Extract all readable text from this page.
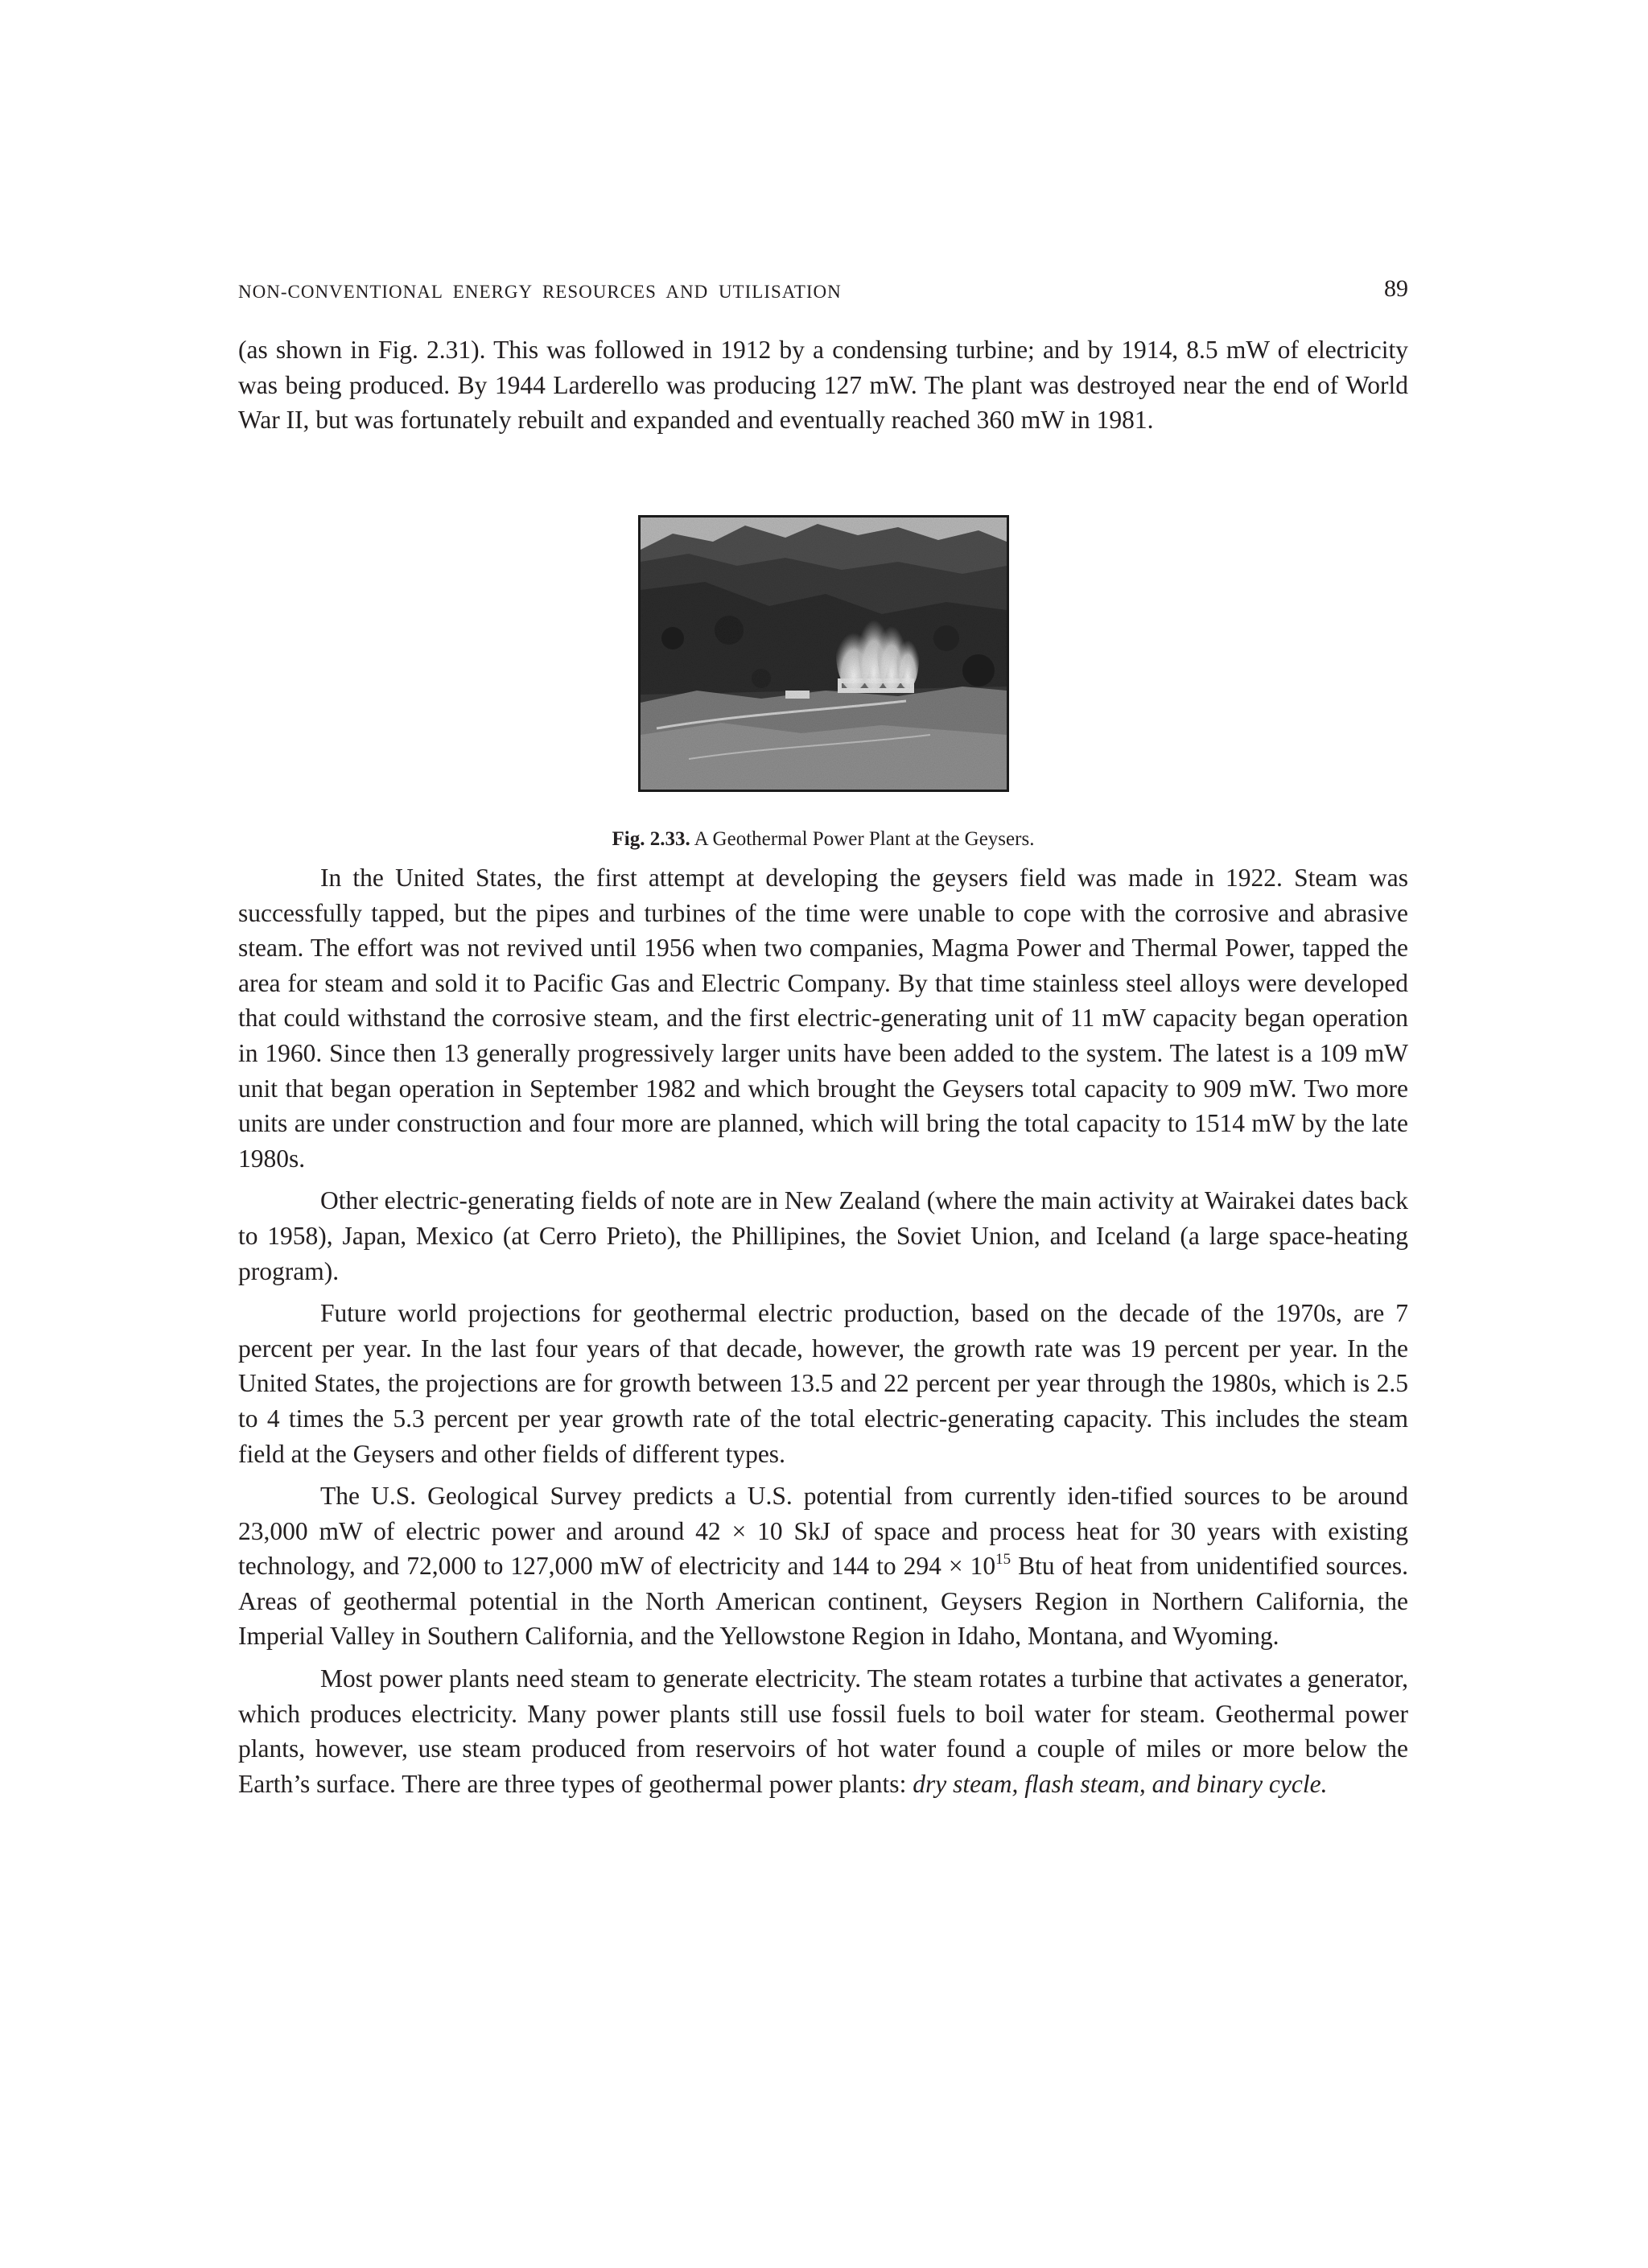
NON-CONVENTIONAL ENERGY RESOURCES AND UTILISATION	89

(as shown in Fig. 2.31). This was followed in 1912 by a condensing turbine; and by 1914, 8.5 mW of electricity was being produced. By 1944 Larderello was producing 127 mW. The plant was destroyed near the end of World War II, but was fortunately rebuilt and expanded and eventually reached 360 mW in 1981.

Fig. 2.33. A Geothermal Power Plant at the Geysers.

In the United States, the first attempt at developing the geysers field was made in 1922. Steam was successfully tapped, but the pipes and turbines of the time were unable to cope with the corrosive and abrasive steam. The effort was not revived until 1956 when two companies, Magma Power and Thermal Power, tapped the area for steam and sold it to Pacific Gas and Electric Company. By that time stainless steel alloys were developed that could withstand the corrosive steam, and the first electric-generating unit of 11 mW capacity began operation in 1960. Since then 13 generally progressively larger units have been added to the system. The latest is a 109 mW unit that began operation in September 1982 and which brought the Geysers total capacity to 909 mW. Two more units are under construction and four more are planned, which will bring the total capacity to 1514 mW by the late 1980s.

Other electric-generating fields of note are in New Zealand (where the main activity at Wairakei dates back to 1958), Japan, Mexico (at Cerro Prieto), the Phillipines, the Soviet Union, and Iceland (a large space-heating program).

Future world projections for geothermal electric production, based on the decade of the 1970s, are 7 percent per year. In the last four years of that decade, however, the growth rate was 19 percent per year. In the United States, the projections are for growth between 13.5 and 22 percent per year through the 1980s, which is 2.5 to 4 times the 5.3 percent per year growth rate of the total electric-generating capacity. This includes the steam field at the Geysers and other fields of different types.

The U.S. Geological Survey predicts a U.S. potential from currently iden-tified sources to be around 23,000 mW of electric power and around 42 × 10 SkJ of space and process heat for 30 years with existing technology, and 72,000 to 127,000 mW of electricity and 144 to $294 \times 10^{15}$ Btu of heat from unidentified sources. Areas of geothermal potential in the North American continent, Geysers Region in Northern California, the Imperial Valley in Southern California, and the Yellowstone Region in Idaho, Montana, and Wyoming.

Most power plants need steam to generate electricity. The steam rotates a turbine that activates a generator, which produces electricity. Many power plants still use fossil fuels to boil water for steam. Geothermal power plants, however, use steam produced from reservoirs of hot water found a couple of miles or more below the Earth’s surface. There are three types of geothermal power plants: dry steam, flash steam, and binary cycle.
